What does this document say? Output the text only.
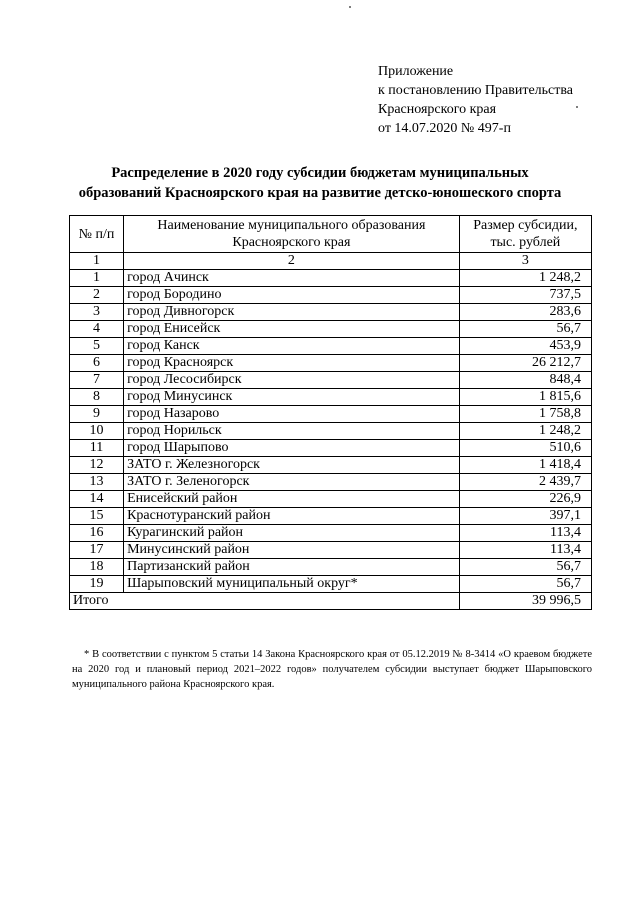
Приложение
к постановлению Правительства
Красноярского края
от 14.07.2020 № 497-п
Распределение в 2020 году субсидии бюджетам муниципальных
образований Красноярского края на развитие детско-юношеского спорта
№ п/п	Наименование муниципального образования Красноярского края	Размер субсидии, тыс. рублей

1	2	3
1	город Ачинск	1 248,2
2	город Бородино	737,5
3	город Дивногорск	283,6
4	город Енисейск	56,7
5	город Канск	453,9
6	город Красноярск	26 212,7
7	город Лесосибирск	848,4
8	город Минусинск	1 815,6
9	город Назарово	1 758,8
10	город Норильск	1 248,2
11	город Шарыпово	510,6
12	ЗАТО г. Железногорск	1 418,4
13	ЗАТО г. Зеленогорск	2 439,7
14	Енисейский район	226,9
15	Краснотуранский район	397,1
16	Курагинский район	113,4
17	Минусинский район	113,4
18	Партизанский район	56,7
19	Шарыповский муниципальный округ*	56,7
Итого		39 996,5
* В соответствии с пунктом 5 статьи 14 Закона Красноярского края от 05.12.2019 № 8-3414 «О краевом бюджете на 2020 год и плановый период 2021–2022 годов» получателем субсидии выступает бюджет Шарыповского муниципального района Красноярского края.
